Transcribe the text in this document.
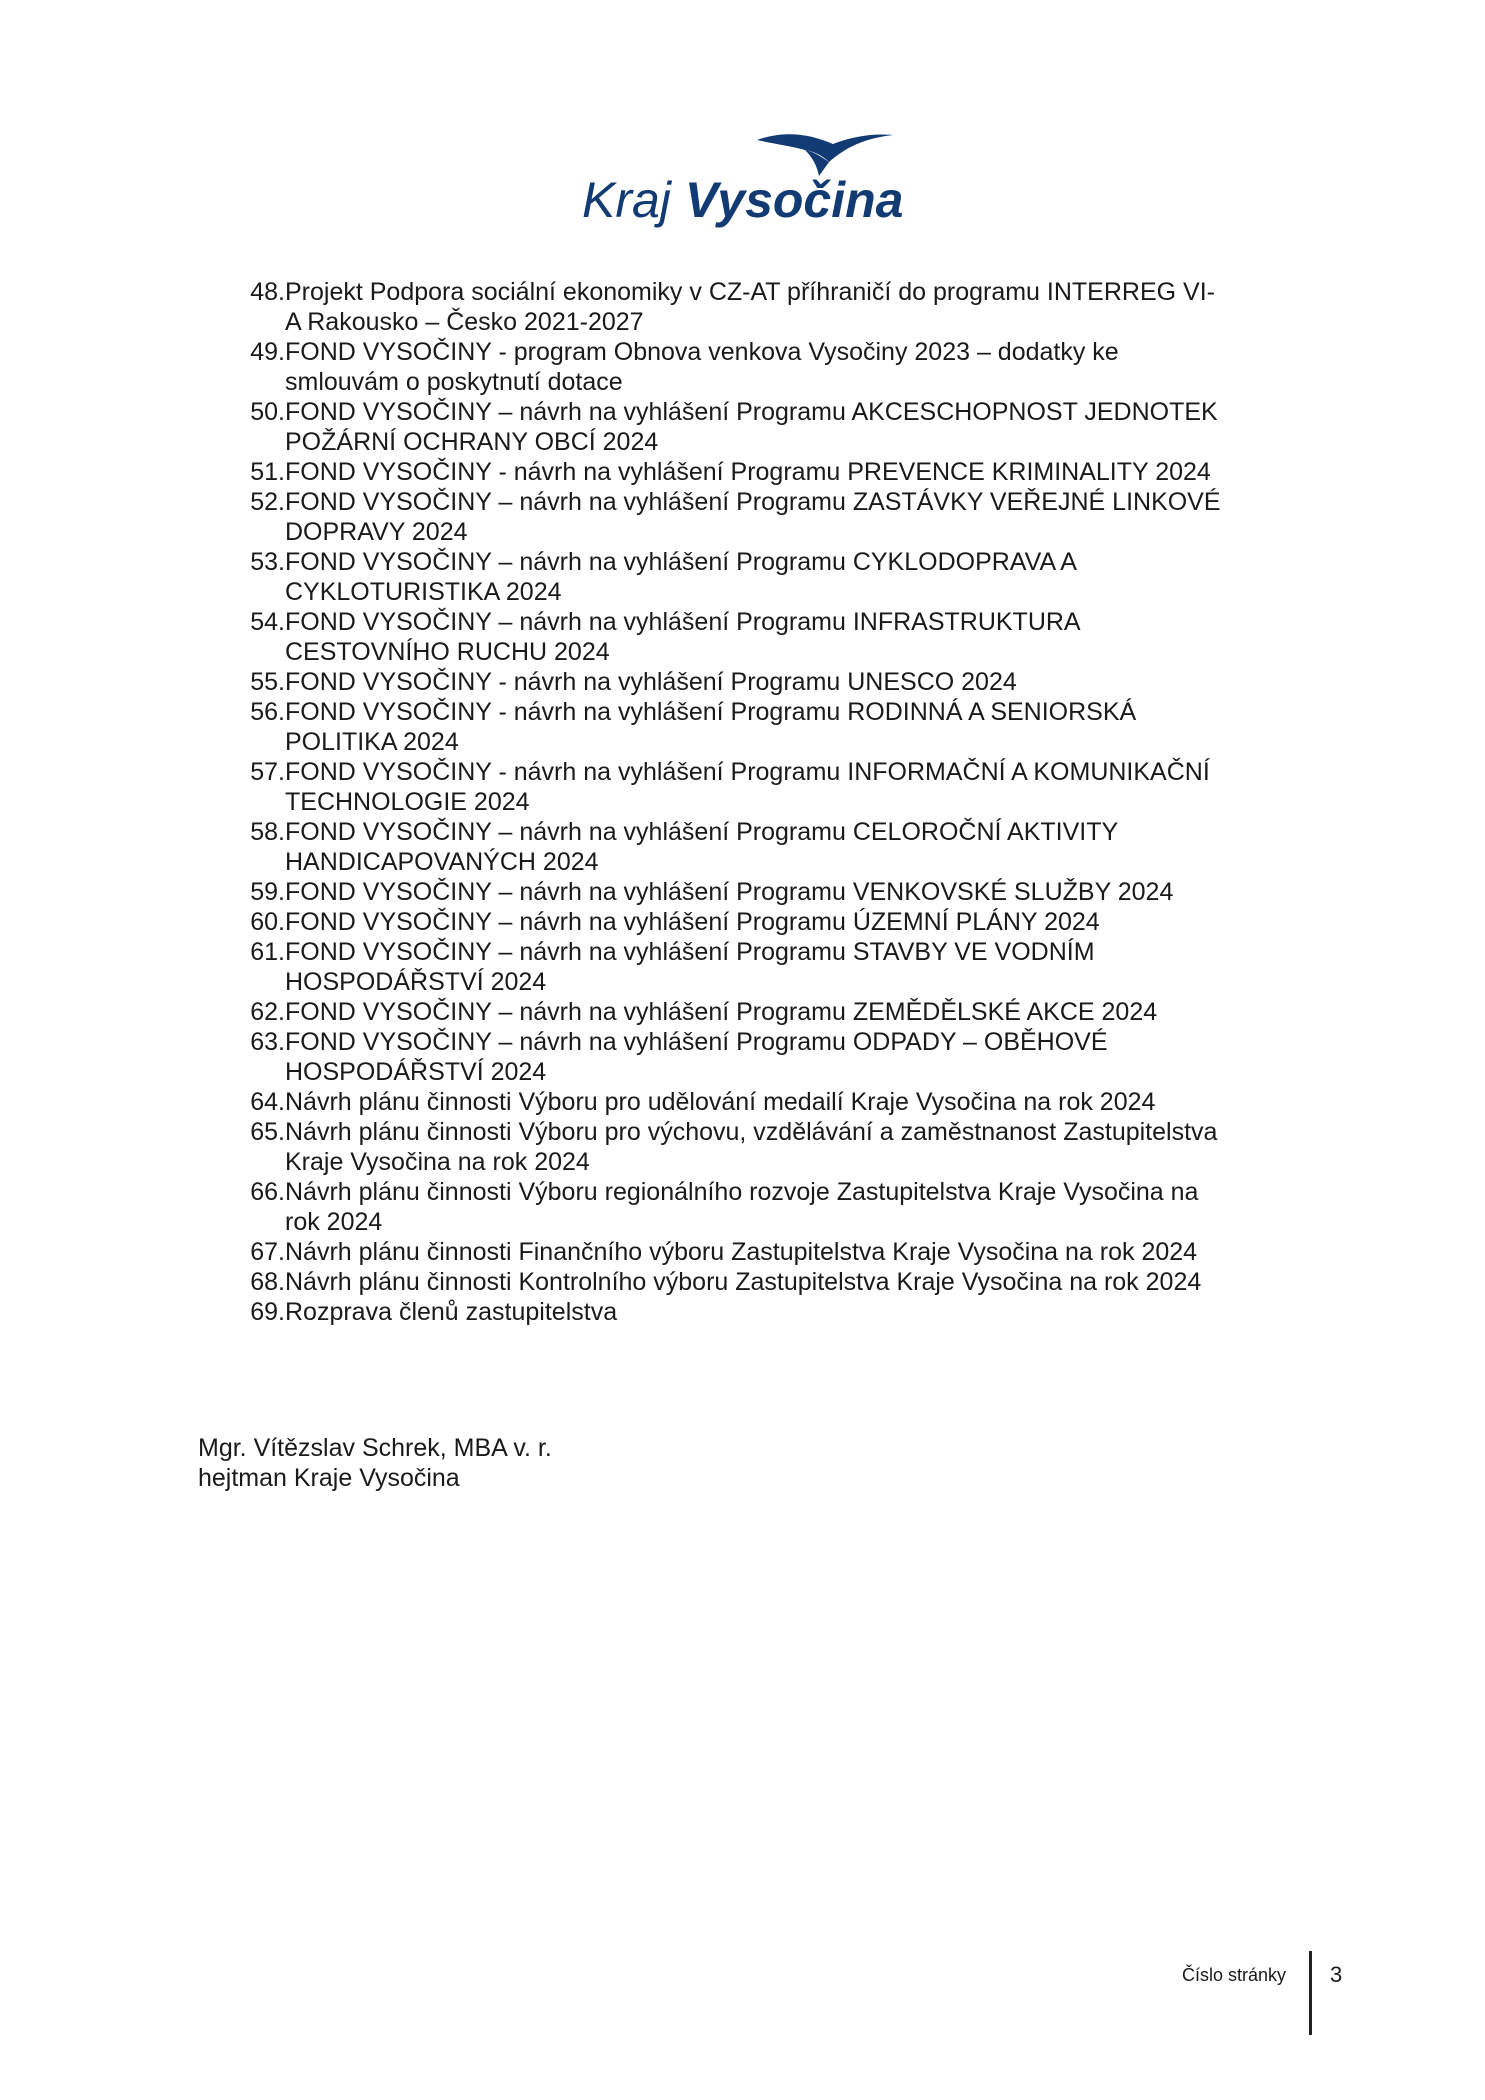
Kraj Vysočina
48. Projekt Podpora sociální ekonomiky v CZ-AT příhraničí do programu INTERREG VI-
A Rakousko – Česko 2021-2027
49. FOND VYSOČINY - program Obnova venkova Vysočiny 2023 – dodatky ke
smlouvám o poskytnutí dotace
50. FOND VYSOČINY – návrh na vyhlášení Programu AKCESCHOPNOST JEDNOTEK
POŽÁRNÍ OCHRANY OBCÍ 2024
51. FOND VYSOČINY - návrh na vyhlášení Programu PREVENCE KRIMINALITY 2024
52. FOND VYSOČINY – návrh na vyhlášení Programu ZASTÁVKY VEŘEJNÉ LINKOVÉ
DOPRAVY 2024
53. FOND VYSOČINY – návrh na vyhlášení Programu CYKLODOPRAVA A
CYKLOTURISTIKA 2024
54. FOND VYSOČINY – návrh na vyhlášení Programu INFRASTRUKTURA
CESTOVNÍHO RUCHU 2024
55. FOND VYSOČINY - návrh na vyhlášení Programu UNESCO 2024
56. FOND VYSOČINY - návrh na vyhlášení Programu RODINNÁ A SENIORSKÁ
POLITIKA 2024
57. FOND VYSOČINY - návrh na vyhlášení Programu INFORMAČNÍ A KOMUNIKAČNÍ
TECHNOLOGIE 2024
58. FOND VYSOČINY – návrh na vyhlášení Programu CELOROČNÍ AKTIVITY
HANDICAPOVANÝCH 2024
59. FOND VYSOČINY – návrh na vyhlášení Programu VENKOVSKÉ SLUŽBY 2024
60. FOND VYSOČINY – návrh na vyhlášení Programu ÚZEMNÍ PLÁNY 2024
61. FOND VYSOČINY – návrh na vyhlášení Programu STAVBY VE VODNÍM
HOSPODÁŘSTVÍ 2024
62. FOND VYSOČINY – návrh na vyhlášení Programu ZEMĚDĚLSKÉ AKCE 2024
63. FOND VYSOČINY – návrh na vyhlášení Programu ODPADY – OBĚHOVÉ
HOSPODÁŘSTVÍ 2024
64. Návrh plánu činnosti Výboru pro udělování medailí Kraje Vysočina na rok 2024
65. Návrh plánu činnosti Výboru pro výchovu, vzdělávání a zaměstnanost Zastupitelstva
Kraje Vysočina na rok 2024
66. Návrh plánu činnosti Výboru regionálního rozvoje Zastupitelstva Kraje Vysočina na
rok 2024
67. Návrh plánu činnosti Finančního výboru Zastupitelstva Kraje Vysočina na rok 2024
68. Návrh plánu činnosti Kontrolního výboru Zastupitelstva Kraje Vysočina na rok 2024
69. Rozprava členů zastupitelstva
Mgr. Vítězslav Schrek, MBA v. r.
hejtman Kraje Vysočina
Číslo stránky 3
